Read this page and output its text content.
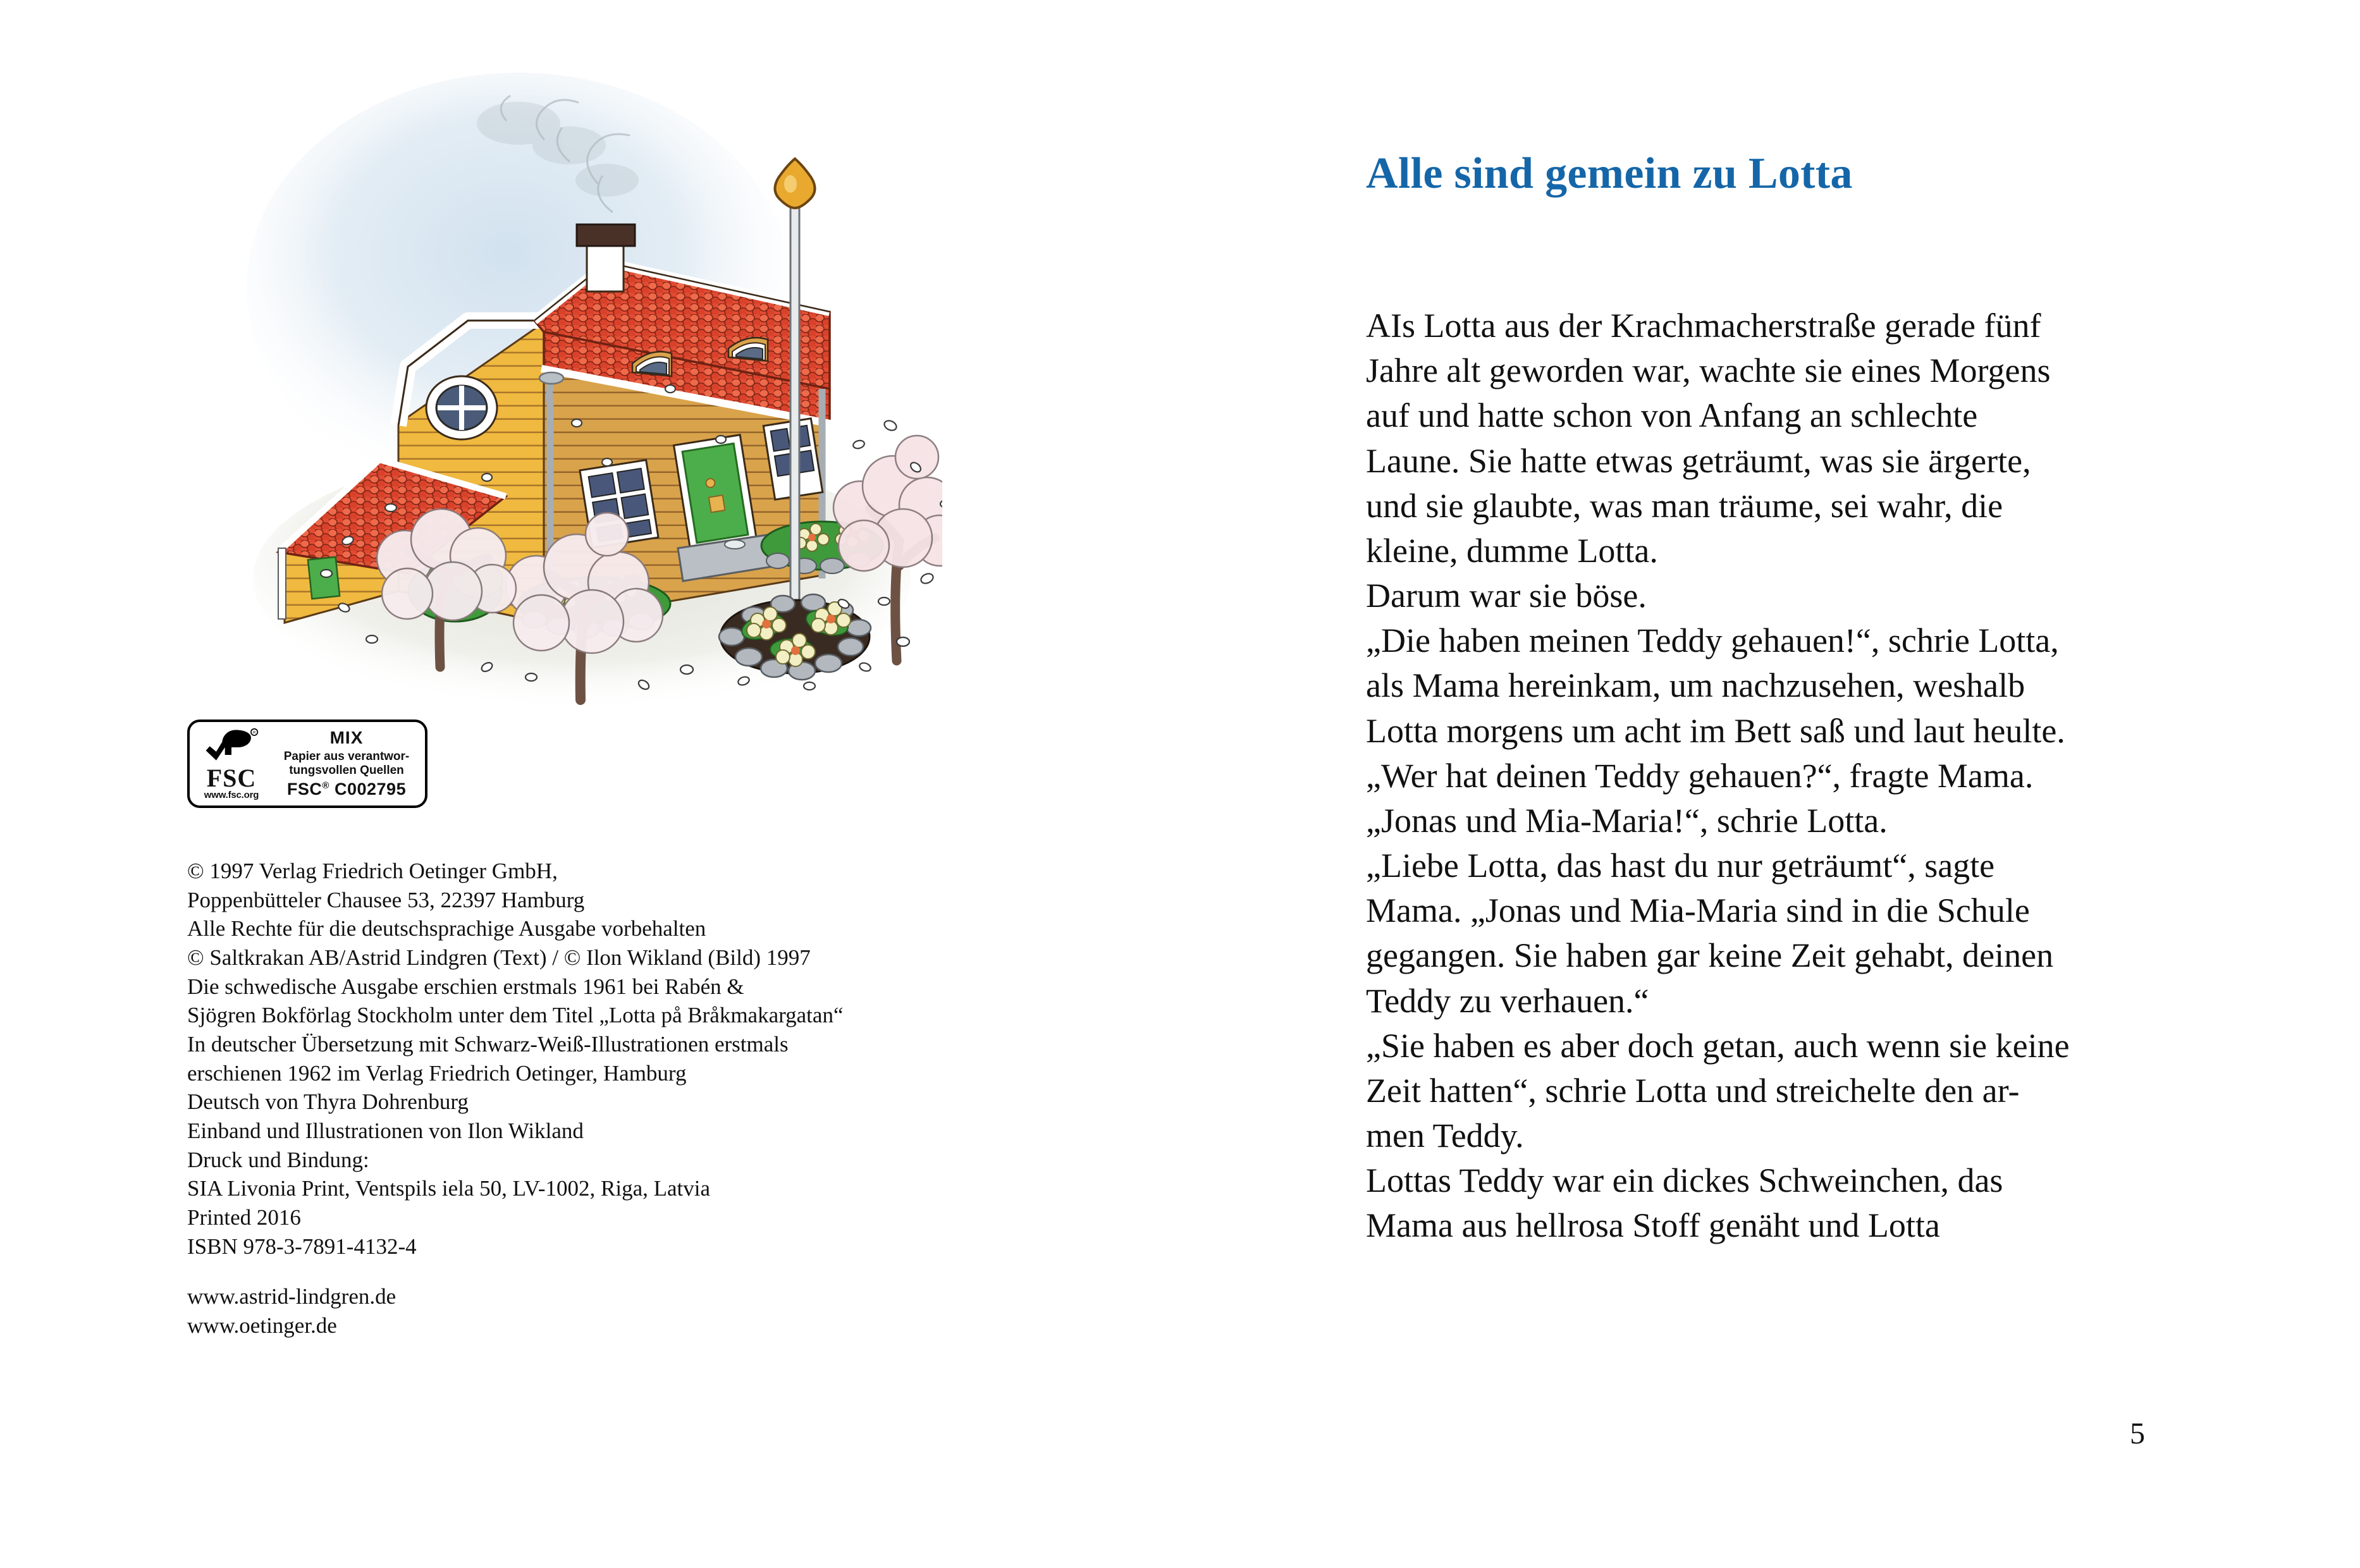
R
FSC
www.fsc.org
MIX
Papier aus verantwor-
tungsvollen Quellen
FSC® C002795
© 1997 Verlag Friedrich Oetinger GmbH,
Poppenbütteler Chausee 53, 22397 Hamburg
Alle Rechte für die deutschsprachige Ausgabe vorbehalten
© Saltkrakan AB/Astrid Lindgren (Text) / © Ilon Wikland (Bild) 1997
Die schwedische Ausgabe erschien erstmals 1961 bei Rabén &
Sjögren Bokförlag Stockholm unter dem Titel „Lotta på Bråkmakargatan“
In deutscher Übersetzung mit Schwarz-Weiß-Illustrationen erstmals
erschienen 1962 im Verlag Friedrich Oetinger, Hamburg
Deutsch von Thyra Dohrenburg
Einband und Illustrationen von Ilon Wikland
Druck und Bindung:
SIA Livonia Print, Ventspils iela 50, LV-1002, Riga, Latvia
Printed 2016
ISBN 978-3-7891-4132-4
www.astrid-lindgren.de
www.oetinger.de
Alle sind gemein zu Lotta

AIs Lotta aus der Krachmacherstraße gerade fünf
Jahre alt geworden war, wachte sie eines Morgens
auf und hatte schon von Anfang an schlechte
Laune. Sie hatte etwas geträumt, was sie ärgerte,
und sie glaubte, was man träume, sei wahr, die
kleine, dumme Lotta.

Darum war sie böse.

„Die haben meinen Teddy gehauen!“, schrie Lotta,
als Mama hereinkam, um nachzusehen, weshalb
Lotta morgens um acht im Bett saß und laut heulte.

„Wer hat deinen Teddy gehauen?“, fragte Mama.

„Jonas und Mia-Maria!“, schrie Lotta.

„Liebe Lotta, das hast du nur geträumt“, sagte
Mama. „Jonas und Mia-Maria sind in die Schule
gegangen. Sie haben gar keine Zeit gehabt, deinen
Teddy zu verhauen.“

„Sie haben es aber doch getan, auch wenn sie keine
Zeit hatten“, schrie Lotta und streichelte den ar-
men Teddy.

Lottas Teddy war ein dickes Schweinchen, das
Mama aus hellrosa Stoff genäht und Lotta

5
